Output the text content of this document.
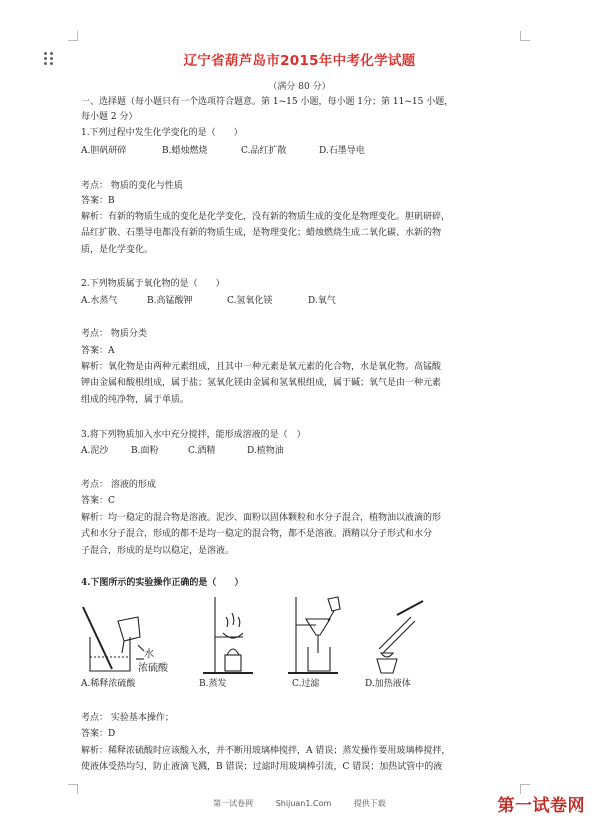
辽宁省葫芦岛市2015年中考化学试题
（满分 80 分）
一、选择题（每小题只有一个选项符合题意。第 1~15 小题，每小题 1分；第 11~15 小题，
每小题 2 分）
1.下列过程中发生化学变化的是（　　）
A.胆矾研碎	B.蜡烛燃烧	C.品红扩散	D.石墨导电
考点： 物质的变化与性质
答案：B
解析：有新的物质生成的变化是化学变化，没有新的物质生成的变化是物理变化。胆矾研碎，
品红扩散、石墨导电都没有新的物质生成，是物理变化；蜡烛燃烧生成二氧化碳、水新的物
质，是化学变化。
2.下列物质属于氧化物的是（　　）
A.水蒸气	B.高锰酸钾	C.氢氧化镁	D.氧气
考点： 物质分类
答案：A
解析：氧化物是由两种元素组成，且其中一种元素是氧元素的化合物，水是氧化物。高锰酸
钾由金属和酸根组成，属于盐；氢氧化镁由金属和氢氧根组成，属于碱；氧气是由一种元素
组成的纯净物，属于单质。
3.将下列物质加入水中充分搅拌，能形成溶液的是（　）
A.泥沙	B.面粉	C.酒精	D.植物油
考点： 溶液的形成
答案：C
解析：均一稳定的混合物是溶液。泥沙、面粉以固体颗粒和水分子混合，植物油以液滴的形
式和水分子混合，形成的都不是均一稳定的混合物，都不是溶液。酒精以分子形式和水分
子混合，形成的是均以稳定，是溶液。
4.下图所示的实验操作正确的是（　　）
水
浓硫酸
A.稀释浓硫酸	B.蒸发	C.过滤	D.加热液体
考点： 实验基本操作；
答案：D
解析：稀释浓硫酸时应该酸入水，并不断用玻璃棒搅拌，A 错误；蒸发操作要用玻璃棒搅拌，
使液体受热均匀，防止液滴飞溅，B 错误；过滤时用玻璃棒引流，C 错误；加热试管中的液
第一试卷网	Shijuan1.Com	提供下载	第一试卷网
